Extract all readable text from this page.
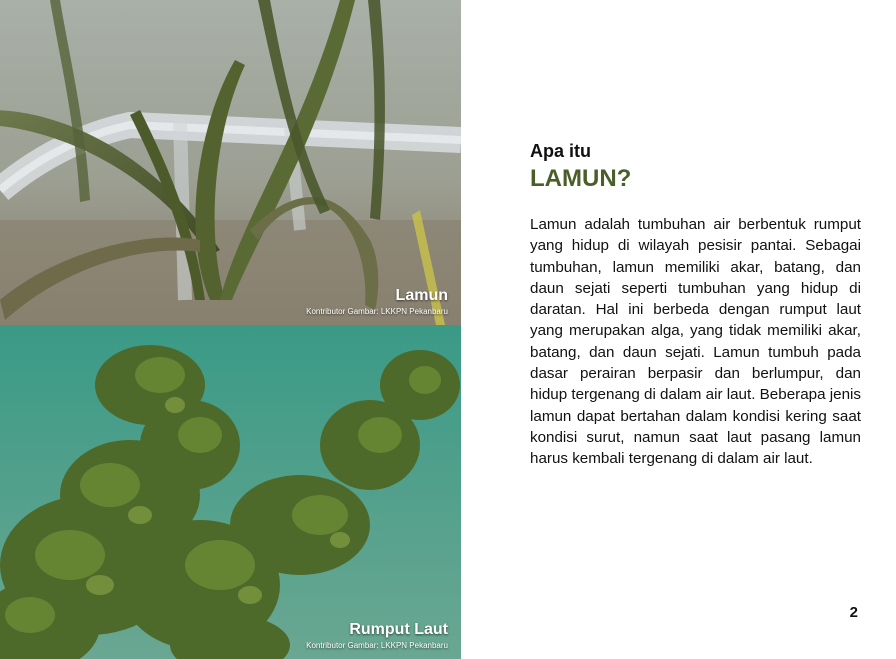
Lamun
Kontributor Gambar: LKKPN Pekanbaru
Rumput Laut
Kontributor Gambar: LKKPN Pekanbaru
Apa itu
LAMUN?
Lamun adalah tumbuhan air berbentuk rumput yang hidup di wilayah pesisir pantai. Sebagai tumbuhan, lamun memiliki akar, batang, dan daun sejati seperti tumbuhan yang hidup di daratan. Hal ini berbeda dengan rumput laut yang merupakan alga, yang tidak memiliki akar, batang, dan daun sejati. Lamun tumbuh pada dasar perairan berpasir dan berlumpur, dan hidup tergenang di dalam air laut. Beberapa jenis lamun dapat bertahan dalam kondisi kering saat kondisi surut, namun saat laut pasang lamun harus kembali tergenang di dalam air laut.
2
